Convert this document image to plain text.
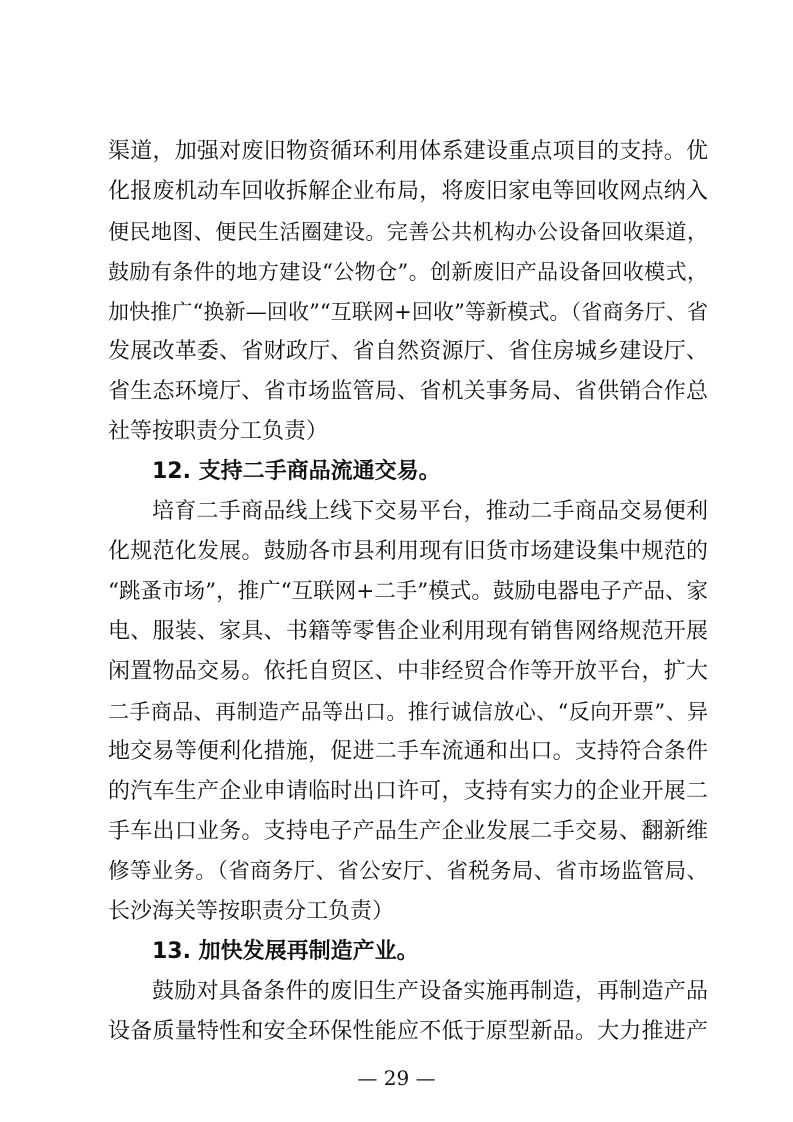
渠道，加强对废旧物资循环利用体系建设重点项目的支持。优
化报废机动车回收拆解企业布局，将废旧家电等回收网点纳入
便民地图、便民生活圈建设。完善公共机构办公设备回收渠道，
鼓励有条件的地方建设“公物仓”。创新废旧产品设备回收模式，
加快推广“换新—回收”“互联网+回收”等新模式。（省商务厅、省
发展改革委、省财政厅、省自然资源厅、省住房城乡建设厅、
省生态环境厅、省市场监管局、省机关事务局、省供销合作总
社等按职责分工负责）
12. 支持二手商品流通交易。
培育二手商品线上线下交易平台，推动二手商品交易便利
化规范化发展。鼓励各市县利用现有旧货市场建设集中规范的
“跳蚤市场”，推广“互联网+二手”模式。鼓励电器电子产品、家
电、服装、家具、书籍等零售企业利用现有销售网络规范开展
闲置物品交易。依托自贸区、中非经贸合作等开放平台，扩大
二手商品、再制造产品等出口。推行诚信放心、“反向开票”、异
地交易等便利化措施，促进二手车流通和出口。支持符合条件
的汽车生产企业申请临时出口许可，支持有实力的企业开展二
手车出口业务。支持电子产品生产企业发展二手交易、翻新维
修等业务。（省商务厅、省公安厅、省税务局、省市场监管局、
长沙海关等按职责分工负责）
13. 加快发展再制造产业。
鼓励对具备条件的废旧生产设备实施再制造，再制造产品
设备质量特性和安全环保性能应不低于原型新品。大力推进产
— 29 —
